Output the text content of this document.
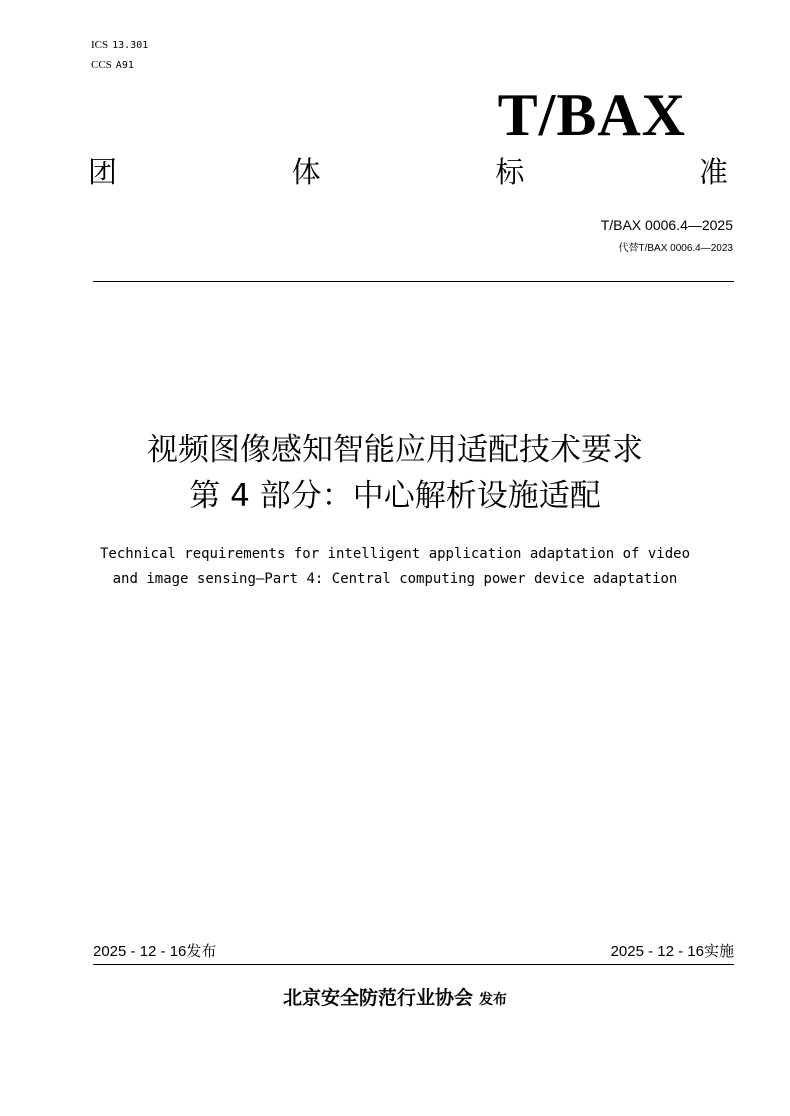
ICS 13.301
CCS A91
T/BAX
团	体	标	准
T/BAX 0006.4—2025
代替T/BAX 0006.4—2023
视频图像感知智能应用适配技术要求
第 4 部分：中心解析设施适配
Technical requirements for intelligent application adaptation of video
and image sensing—Part 4: Central computing power device adaptation
2025 - 12 - 16发布	2025 - 12 - 16实施
北京安全防范行业协会 发布
